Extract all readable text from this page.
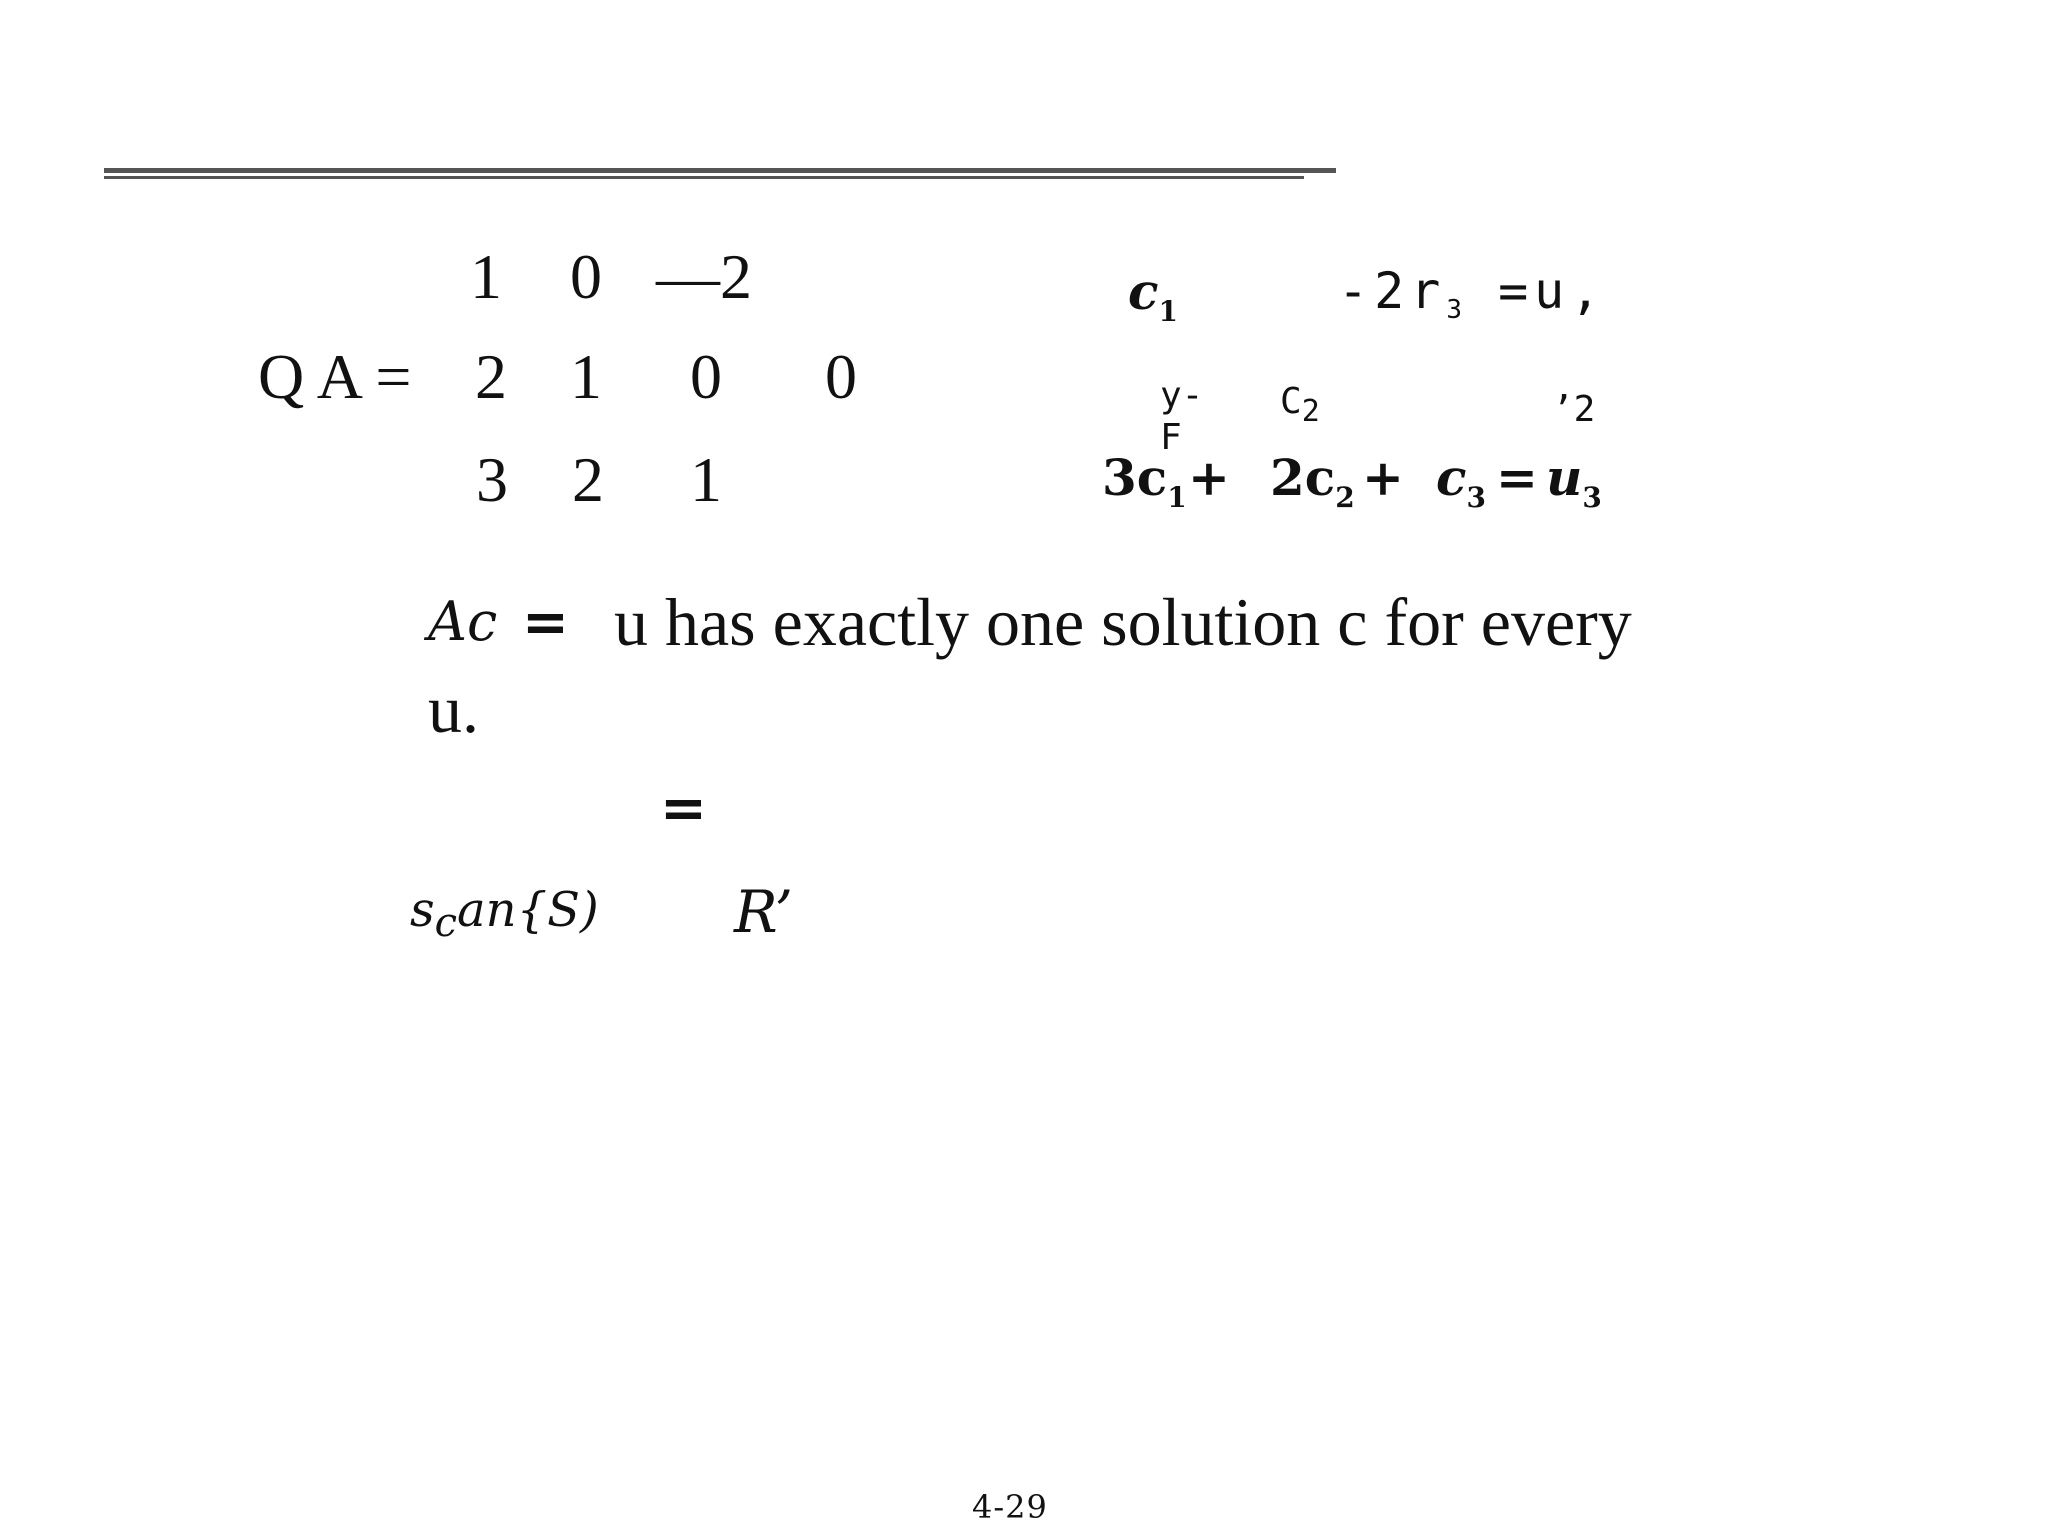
1 0 —2
Q A = 2 1 0 0
3 2 1
$c_1$	$-2r_3 =u$,
y-
F
$C_2$	’2
$3c_1 + 2c_2 + c_3 = u_3$
Ac = u has exactly one solution c for every
u.
=
$s_can\{S)$ R’
4-29
